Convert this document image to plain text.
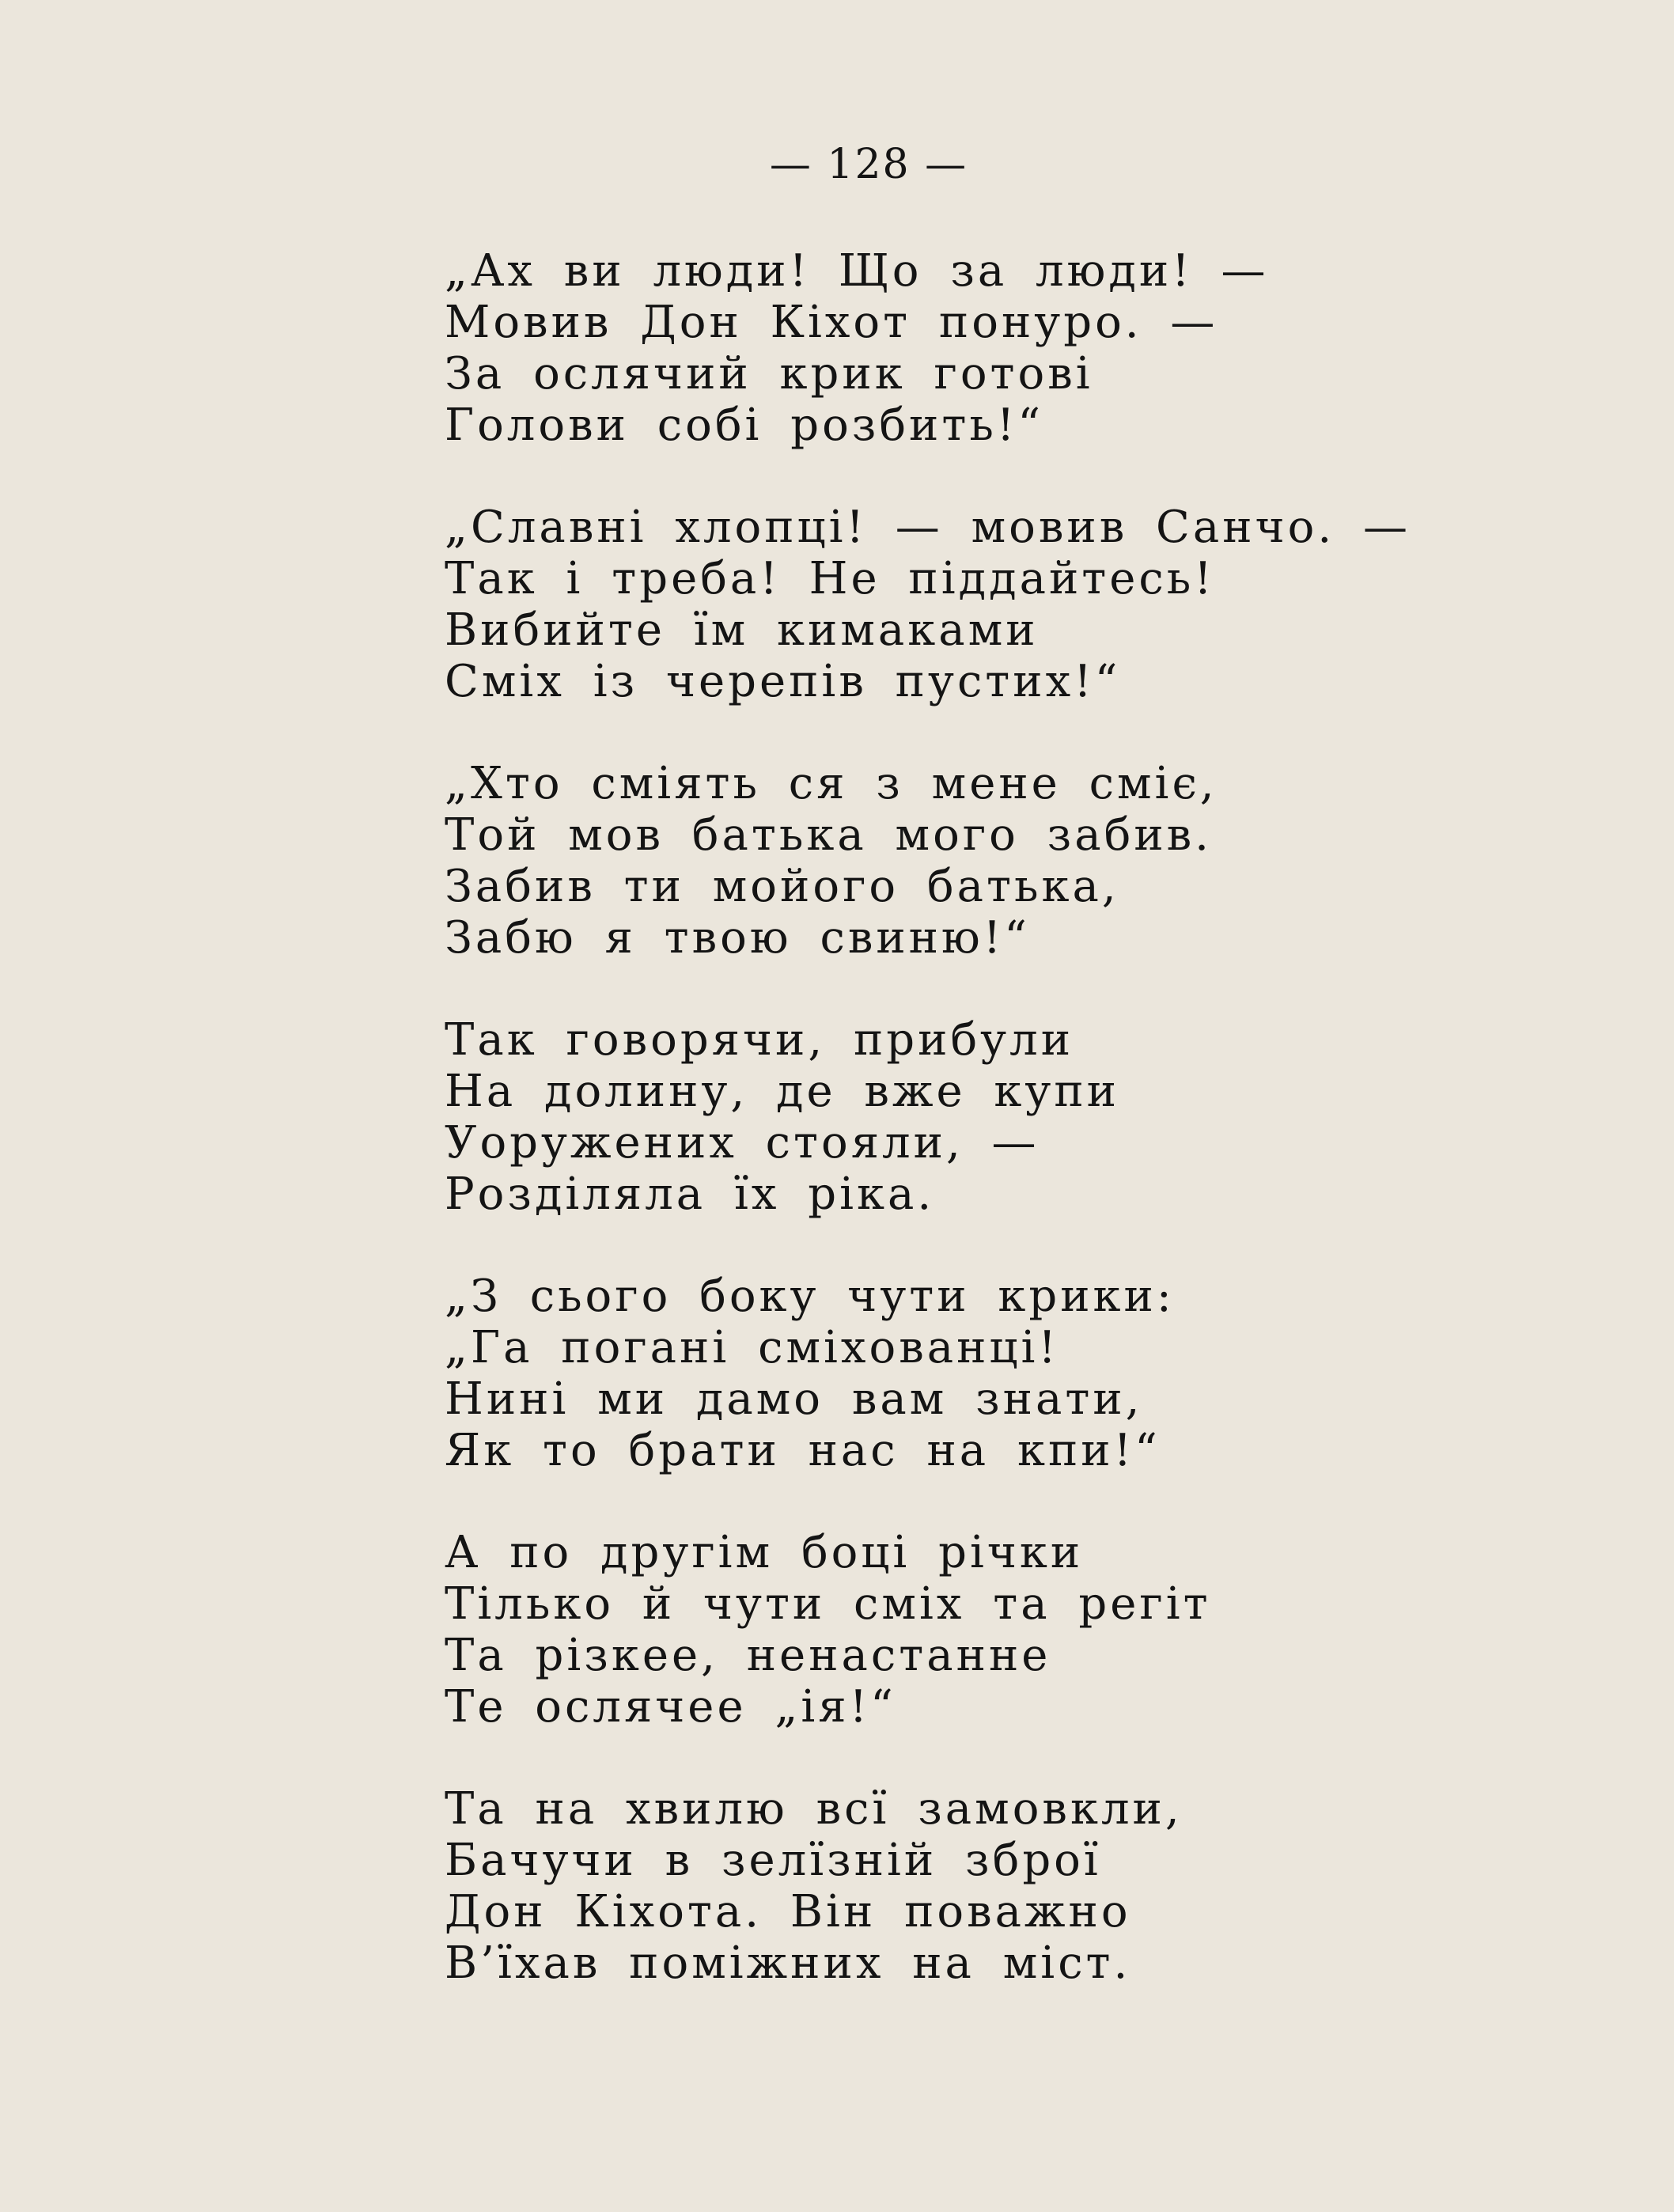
— 128 —
„Ах ви люди! Що за люди! —
Мовив Дон Кіхот понуро. —
За ослячий крик готові
Голови собі розбить!“
„Славні хлопці! — мовив Санчо. —
Так і треба! Не піддайтесь!
Вибийте їм кимаками
Сміх із черепів пустих!“
„Хто сміять ся з мене сміє,
Той мов батька мого забив.
Забив ти мойого батька,
Забю я твою свиню!“
Так говорячи, прибули
На долину, де вже купи
Уоружених стояли, —
Розділяла їх ріка.
„З сього боку чути крики:
„Га погані сміхованці!
Нині ми дамо вам знати,
Як то брати нас на кпи!“
А по другім боці річки
Тілько й чути сміх та регіт
Та різкее, ненастанне
Те ослячее „ія!“
Та на хвилю всї замовкли,
Бачучи в зелїзній зброї
Дон Кіхота. Він поважно
В’їхав поміжних на міст.
